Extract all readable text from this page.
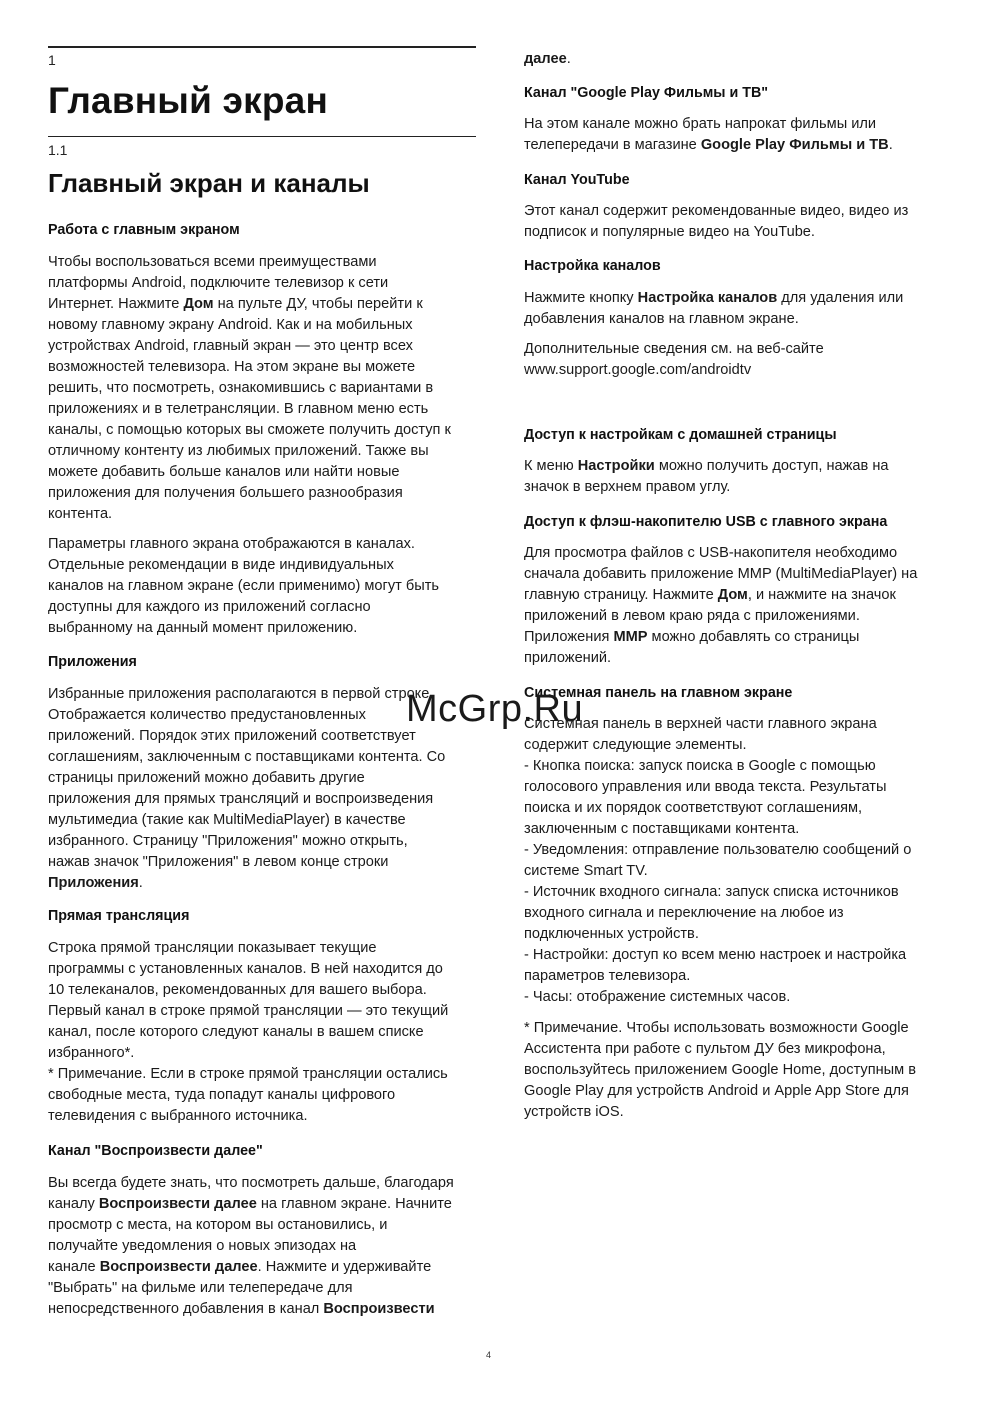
1
Главный экран
1.1
Главный экран и каналы
Работа с главным экраном

Чтобы воспользоваться всеми преимуществами
платформы Android, подключите телевизор к сети
Интернет. Нажмите Дом на пульте ДУ, чтобы перейти к
новому главному экрану Android. Как и на мобильных
устройствах Android, главный экран — это центр всех
возможностей телевизора. На этом экране вы можете
решить, что посмотреть, ознакомившись с вариантами в
приложениях и в телетрансляции. В главном меню есть
каналы, с помощью которых вы сможете получить доступ к
отличному контенту из любимых приложений. Также вы
можете добавить больше каналов или найти новые
приложения для получения большего разнообразия
контента.

Параметры главного экрана отображаются в каналах.
Отдельные рекомендации в виде индивидуальных
каналов на главном экране (если применимо) могут быть
доступны для каждого из приложений согласно
выбранному на данный момент приложению.

Приложения

Избранные приложения располагаются в первой строке.
Отображается количество предустановленных
приложений. Порядок этих приложений соответствует
соглашениям, заключенным с поставщиками контента. Со
страницы приложений можно добавить другие
приложения для прямых трансляций и воспроизведения
мультимедиа (такие как MultiMediaPlayer) в качестве
избранного. Страницу "Приложения" можно открыть,
нажав значок "Приложения" в левом конце строки
Приложения.

Прямая трансляция

Строка прямой трансляции показывает текущие
программы с установленных каналов. В ней находится до
10 телеканалов, рекомендованных для вашего выбора.
Первый канал в строке прямой трансляции — это текущий
канал, после которого следуют каналы в вашем списке
избранного*.
* Примечание. Если в строке прямой трансляции остались
свободные места, туда попадут каналы цифрового
телевидения с выбранного источника.

Канал "Воспроизвести далее"

Вы всегда будете знать, что посмотреть дальше, благодаря
каналу Воспроизвести далее на главном экране. Начните
просмотр с места, на котором вы остановились, и
получайте уведомления о новых эпизодах на
канале Воспроизвести далее. Нажмите и удерживайте
"Выбрать" на фильме или телепередаче для
непосредственного добавления в канал Воспроизвести

далее.

Канал "Google Play Фильмы и ТВ"

На этом канале можно брать напрокат фильмы или
телепередачи в магазине Google Play Фильмы и ТВ.

Канал YouTube

Этот канал содержит рекомендованные видео, видео из
подписок и популярные видео на YouTube.

Настройка каналов

Нажмите кнопку Настройка каналов для удаления или
добавления каналов на главном экране.

Дополнительные сведения см. на веб-сайте
www.support.google.com/androidtv

Доступ к настройкам с домашней страницы

К меню Настройки можно получить доступ, нажав на
значок в верхнем правом углу.

Доступ к флэш-накопителю USB с главного экрана

Для просмотра файлов с USB-накопителя необходимо
сначала добавить приложение MMP (MultiMediaPlayer) на
главную страницу. Нажмите Дом, и нажмите на значок
приложений в левом краю ряда с приложениями.
Приложения MMP можно добавлять со страницы
приложений.

Системная панель на главном экране

Системная панель в верхней части главного экрана
содержит следующие элементы.
- Кнопка поиска: запуск поиска в Google с помощью
голосового управления или ввода текста. Результаты
поиска и их порядок соответствуют соглашениям,
заключенным с поставщиками контента.
- Уведомления: отправление пользователю сообщений о
системе Smart TV.
- Источник входного сигнала: запуск списка источников
входного сигнала и переключение на любое из
подключенных устройств.
- Настройки: доступ ко всем меню настроек и настройка
параметров телевизора.
- Часы: отображение системных часов.

* Примечание. Чтобы использовать возможности Google
Ассистента при работе с пультом ДУ без микрофона,
воспользуйтесь приложением Google Home, доступным в
Google Play для устройств Android и Apple App Store для
устройств iOS.

McGrp.Ru
4
